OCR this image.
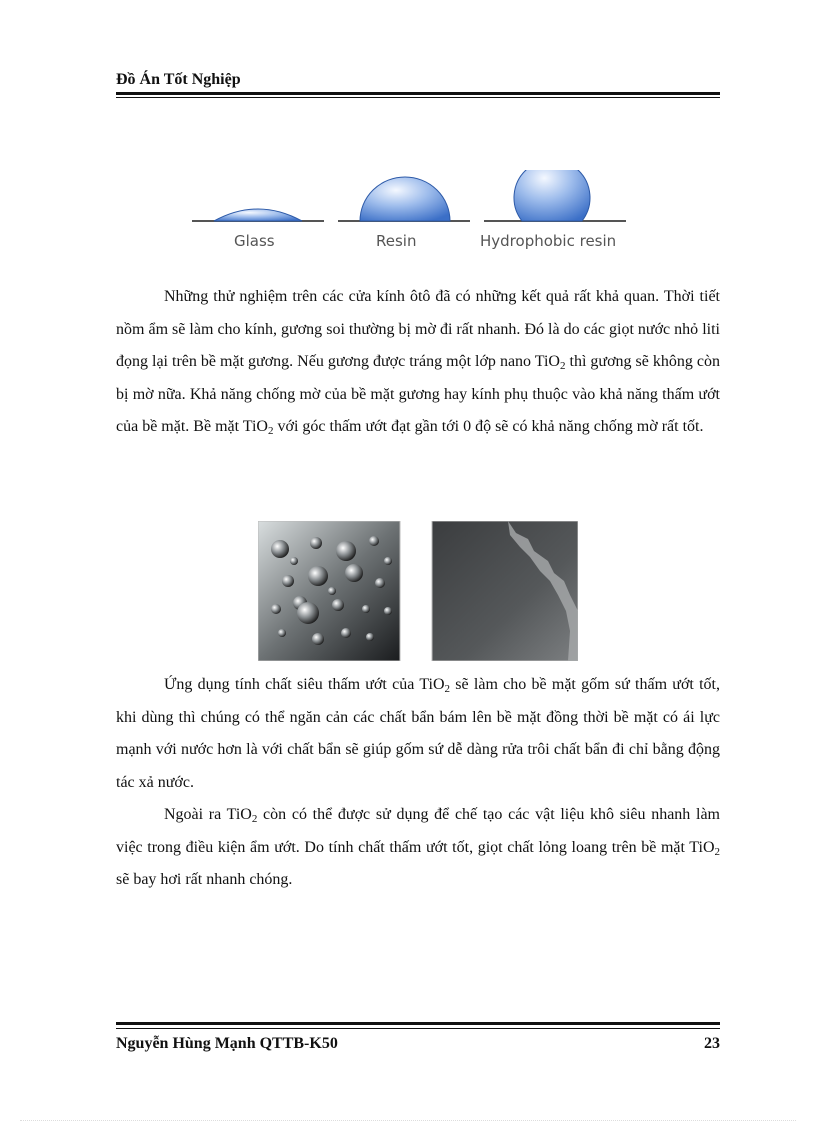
Đồ Án Tốt Nghiệp
Glass	Resin	Hydrophobic resin

Những thử nghiệm trên các cửa kính ôtô đã có những kết quả rất khả quan. Thời tiết nồm ẩm sẽ làm cho kính, gương soi thường bị mờ đi rất nhanh. Đó là do các giọt nước nhỏ liti đọng lại trên bề mặt gương. Nếu gương được tráng một lớp nano TiO$_2$ thì gương sẽ không còn bị mờ nữa. Khả năng chống mờ của bề mặt gương hay kính phụ thuộc vào khả năng thấm ướt của bề mặt. Bề mặt TiO$_2$ với góc thấm ướt đạt gần tới 0 độ sẽ có khả năng chống mờ rất tốt.

Ứng dụng tính chất siêu thấm ướt của TiO$_2$ sẽ làm cho bề mặt gốm sứ thấm ướt tốt, khi dùng thì chúng có thể ngăn cản các chất bẩn bám lên bề mặt đồng thời bề mặt có ái lực mạnh với nước hơn là với chất bẩn sẽ giúp gốm sứ dễ dàng rửa trôi chất bẩn đi chỉ bằng động tác xả nước.

Ngoài ra TiO$_2$ còn có thể được sử dụng để chế tạo các vật liệu khô siêu nhanh làm việc trong điều kiện ẩm ướt. Do tính chất thấm ướt tốt, giọt chất lỏng loang trên bề mặt TiO$_2$ sẽ bay hơi rất nhanh chóng.

Nguyễn Hùng Mạnh QTTB-K50	23
